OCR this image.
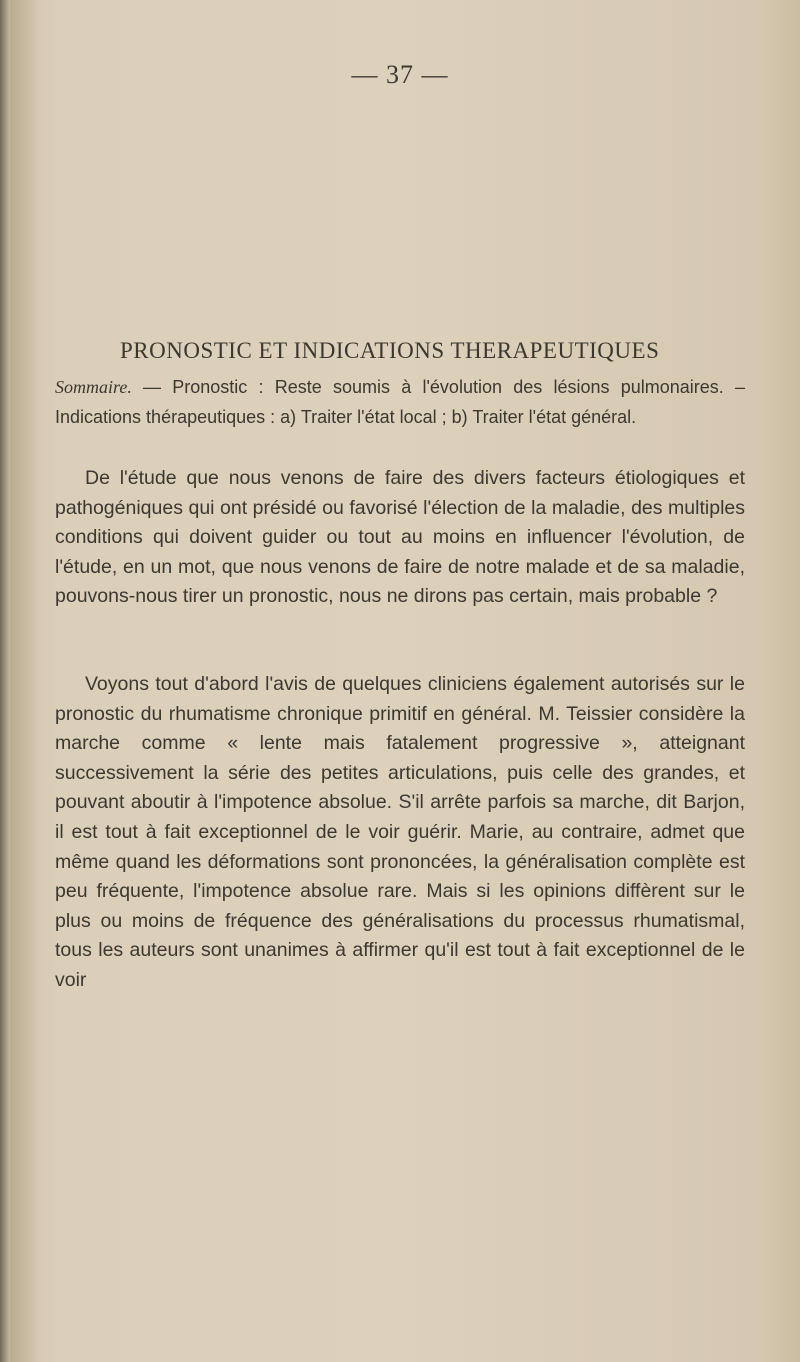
— 37 —
PRONOSTIC ET INDICATIONS THERAPEUTIQUES
Sommaire. — Pronostic : Reste soumis à l'évolution des lésions pulmonaires. – Indications thérapeutiques : a) Traiter l'état local ; b) Traiter l'état général.
De l'étude que nous venons de faire des divers facteurs étiologiques et pathogéniques qui ont présidé ou favorisé l'élection de la maladie, des multiples conditions qui doivent guider ou tout au moins en influencer l'évolution, de l'étude, en un mot, que nous venons de faire de notre malade et de sa maladie, pouvons-nous tirer un pronostic, nous ne dirons pas certain, mais probable ?
Voyons tout d'abord l'avis de quelques cliniciens également autorisés sur le pronostic du rhumatisme chronique primitif en général. M. Teissier considère la marche comme « lente mais fatalement progressive », atteignant successivement la série des petites articulations, puis celle des grandes, et pouvant aboutir à l'impotence absolue. S'il arrête parfois sa marche, dit Barjon, il est tout à fait exceptionnel de le voir guérir. Marie, au contraire, admet que même quand les déformations sont prononcées, la généralisation complète est peu fréquente, l'impotence absolue rare. Mais si les opinions diffèrent sur le plus ou moins de fréquence des généralisations du processus rhumatismal, tous les auteurs sont unanimes à affirmer qu'il est tout à fait exceptionnel de le voir
